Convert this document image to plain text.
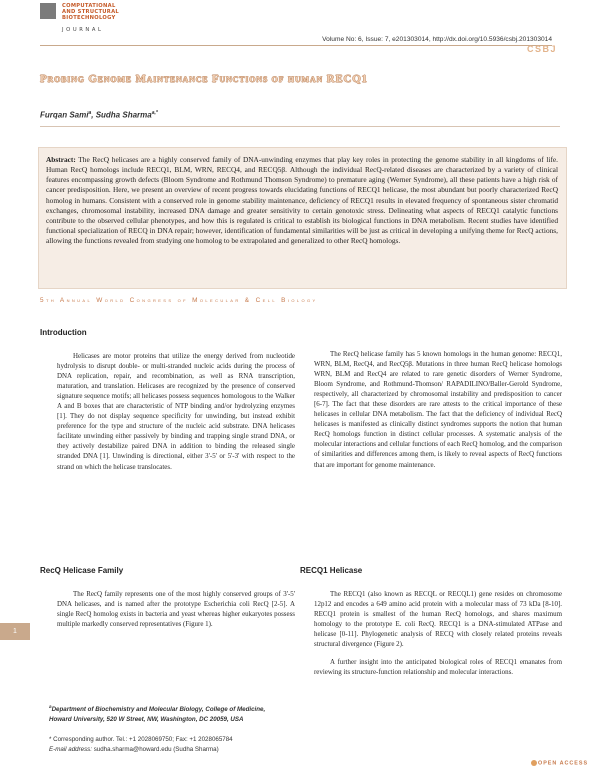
COMPUTATIONAL
AND STRUCTURAL
BIOTECHNOLOGY
JOURNAL
Volume No: 6, Issue: 7, e201303014, http://dx.doi.org/10.5936/csbj.201303014
CSBJ
Probing Genome Maintenance Functions of human RECQ1
Furqan Sami$^a$, Sudha Sharma$^{a,*}$
Abstract: The RecQ helicases are a highly conserved family of DNA-unwinding enzymes that play key roles in protecting the genome stability in all kingdoms of life. Human RecQ homologs include RECQ1, BLM, WRN, RECQ4, and RECQ5β. Although the individual RecQ-related diseases are characterized by a variety of clinical features encompassing growth defects (Bloom Syndrome and Rothmund Thomson Syndrome) to premature aging (Werner Syndrome), all these patients have a high risk of cancer predisposition. Here, we present an overview of recent progress towards elucidating functions of RECQ1 helicase, the most abundant but poorly characterized RecQ homolog in humans. Consistent with a conserved role in genome stability maintenance, deficiency of RECQ1 results in elevated frequency of spontaneous sister chromatid exchanges, chromosomal instability, increased DNA damage and greater sensitivity to certain genotoxic stress. Delineating what aspects of RECQ1 catalytic functions contribute to the observed cellular phenotypes, and how this is regulated is critical to establish its biological functions in DNA metabolism. Recent studies have identified functional specialization of RECQ in DNA repair; however, identification of fundamental similarities will be just as critical in developing a unifying theme for RecQ actions, allowing the functions revealed from studying one homolog to be extrapolated and generalized to other RecQ homologs.
5th Annual World Congress of Molecular & Cell Biology
Introduction

Helicases are motor proteins that utilize the energy derived from nucleotide hydrolysis to disrupt double- or multi-stranded nucleic acids during the process of DNA replication, repair, and recombination, as well as RNA transcription, maturation, and translation. Helicases are recognized by the presence of conserved signature sequence motifs; all helicases possess sequences homologous to the Walker A and B boxes that are characteristic of NTP binding and/or hydrolyzing enzymes [1]. They do not display sequence specificity for unwinding, but instead exhibit preference for the type and structure of the nucleic acid substrate. DNA helicases facilitate unwinding either passively by binding and trapping single strand DNA, or they actively destabilize paired DNA in addition to binding the released single stranded DNA [1]. Unwinding is directional, either 3'-5' or 5'-3' with respect to the strand on which the helicase translocates.

RecQ Helicase Family

The RecQ family represents one of the most highly conserved groups of 3'-5' DNA helicases, and is named after the prototype Escherichia coli RecQ [2-5]. A single RecQ homolog exists in bacteria and yeast whereas higher eukaryotes possess multiple markedly conserved representatives (Figure 1).

The RecQ helicase family has 5 known homologs in the human genome: RECQ1, WRN, BLM, RecQ4, and RecQ5β. Mutations in three human RecQ helicase homologs WRN, BLM and RecQ4 are related to rare genetic disorders of Werner Syndrome, Bloom Syndrome, and Rothmund-Thomson/ RAPADILINO/Baller-Gerold Syndrome, respectively, all characterized by chromosomal instability and predisposition to cancer [6-7]. The fact that these disorders are rare attests to the critical importance of these helicases in cellular DNA metabolism. The fact that the deficiency of individual RecQ helicases is manifested as clinically distinct syndromes supports the notion that human RecQ homologs function in distinct cellular processes. A systematic analysis of the molecular interactions and cellular functions of each RecQ homolog, and the comparison of similarities and differences among them, is likely to reveal aspects of RecQ functions that are important for genome maintenance.

RECQ1 Helicase

The RECQ1 (also known as RECQL or RECQL1) gene resides on chromosome 12p12 and encodes a 649 amino acid protein with a molecular mass of 73 kDa [8-10]. RECQ1 protein is smallest of the human RecQ homologs, and shares maximum homology to the prototype E. coli RecQ. RECQ1 is a DNA-stimulated ATPase and helicase [0-11]. Phylogenetic analysis of RECQ with closely related proteins reveals structural divergence (Figure 2).

A further insight into the anticipated biological roles of RECQ1 emanates from reviewing its structure-function relationship and molecular interactions.

1
$^a$Department of Biochemistry and Molecular Biology, College of Medicine,
Howard University, 520 W Street, NW, Washington, DC 20059, USA
* Corresponding author. Tel.: +1 2028069750; Fax: +1 2028065784
E-mail address: sudha.sharma@howard.edu (Sudha Sharma)
OPEN ACCESS
